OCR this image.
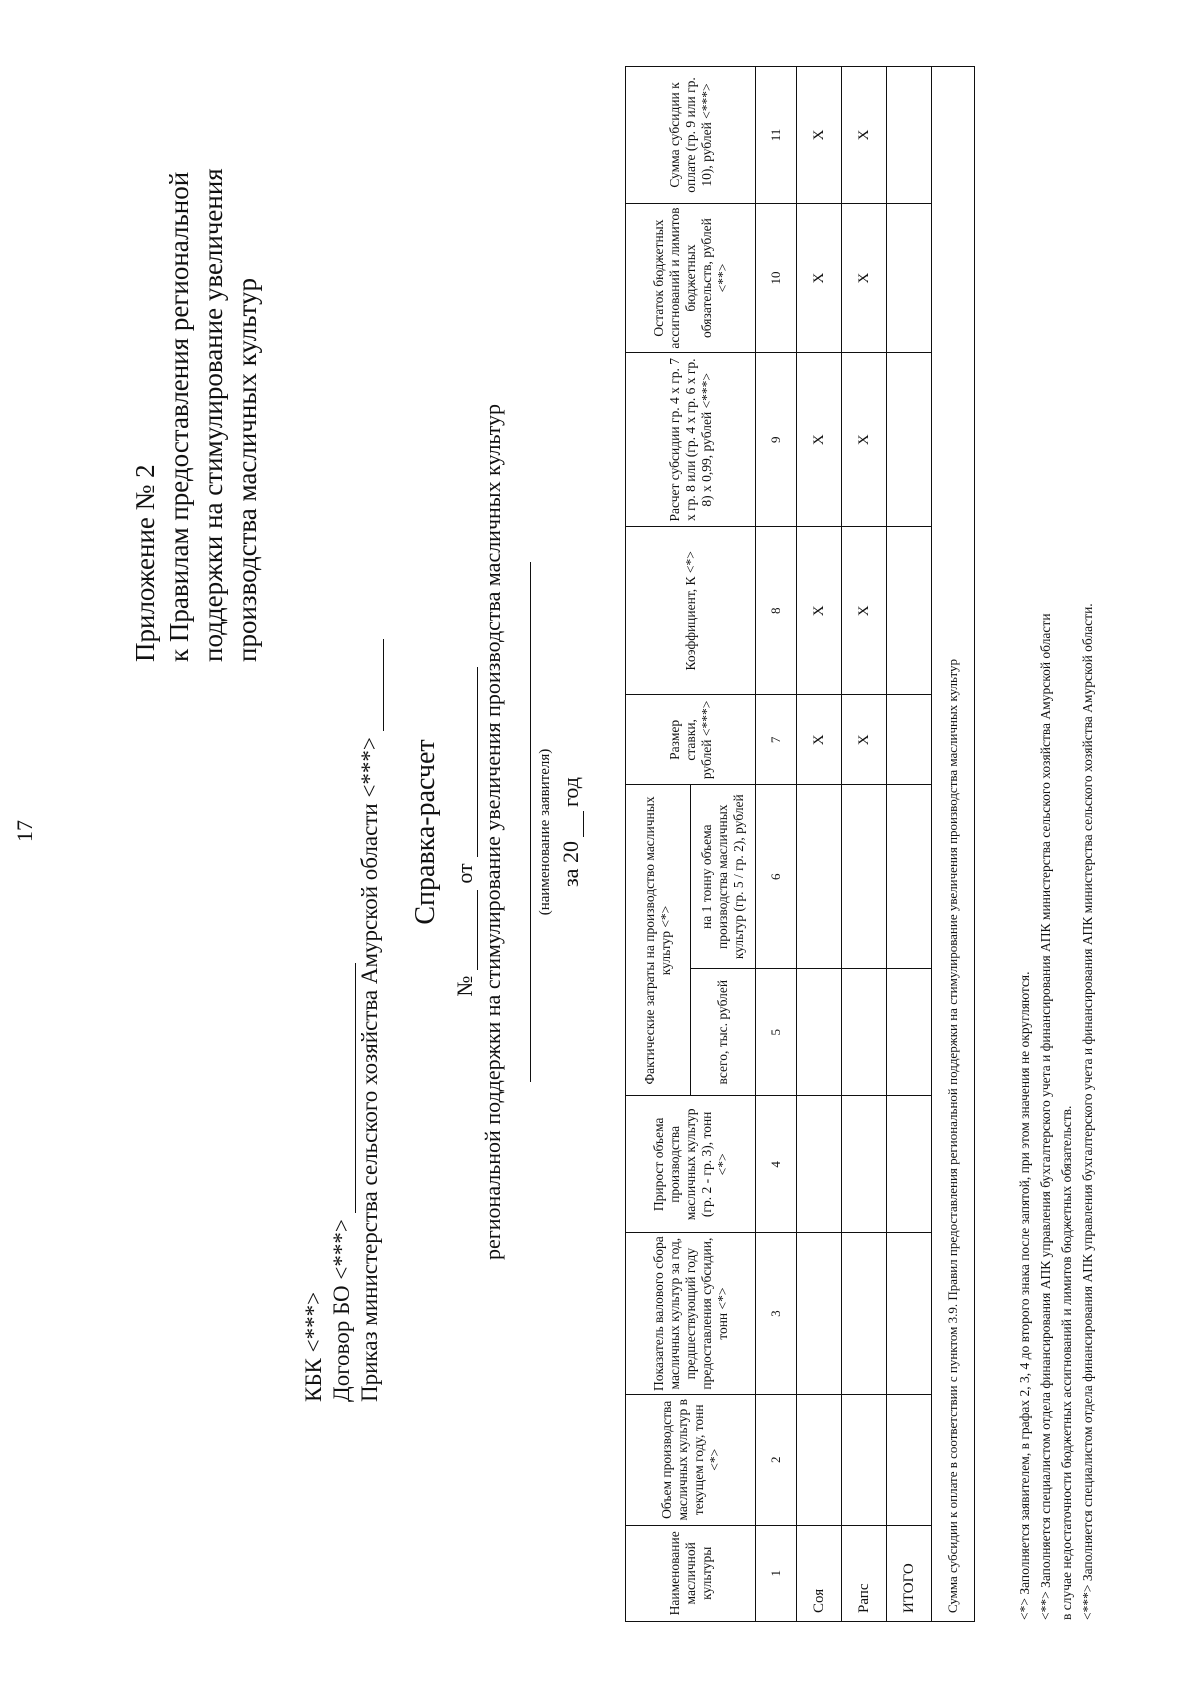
17
Приложение № 2 к Правилам предоставления региональной поддержки на стимулирование увеличения производства масличных культур
КБК <***> Договор БО <***> Приказ министерства сельского хозяйства Амурской области <***> Справка-расчет
№
от региональной поддержки на стимулирование увеличения производства масличных культур (наименование заявителя) за 20
год
Наименование масличной культуры	Объем производства масличных культур в текущем году, тонн <*>	Показатель валового сбора масличных культур за год, предшествующий году предоставления субсидии, тонн <*>	Прирост объема производства масличных культур (гр. 2 - гр. 3), тонн <*>	Фактические затраты на производство масличных культур <*>		Размер ставки, рублей <***>	Коэффициент, К <*>	Расчет субсидии гр. 4 x гр. 7 x гр. 8 или (гр. 4 x гр. 6 x гр. 8) x 0,99, рублей <***>	Остаток бюджетных ассигнований и лимитов бюджетных обязательств, рублей <**>	Сумма субсидии к оплате (гр. 9 или гр. 10), рублей <***>
				всего, тыс. рублей	на 1 тонну объема производства масличных культур (гр. 5 / гр. 2), рублей					
1	2	3	4	5	6	7	8	9	10	11
Соя						X	X	X	X	X
Рапс						X	X	X	X	X
ИТОГО										
Сумма субсидии к оплате в соответствии с пунктом 3.9. Правил предоставления региональной поддержки на стимулирование увеличения производства масличных культур											<*> Заполняется заявителем, в графах 2, 3, 4 до второго знака после запятой, при этом значения не округляются. <**> Заполняется специалистом отдела финансирования АПК управления бухгалтерского учета и финансирования АПК министерства сельского хозяйства Амурской области в случае недостаточности бюджетных ассигнований и лимитов бюджетных обязательств. <***> Заполняется специалистом отдела финансирования АПК управления бухгалтерского учета и финансирования АПК министерства сельского хозяйства Амурской области.
